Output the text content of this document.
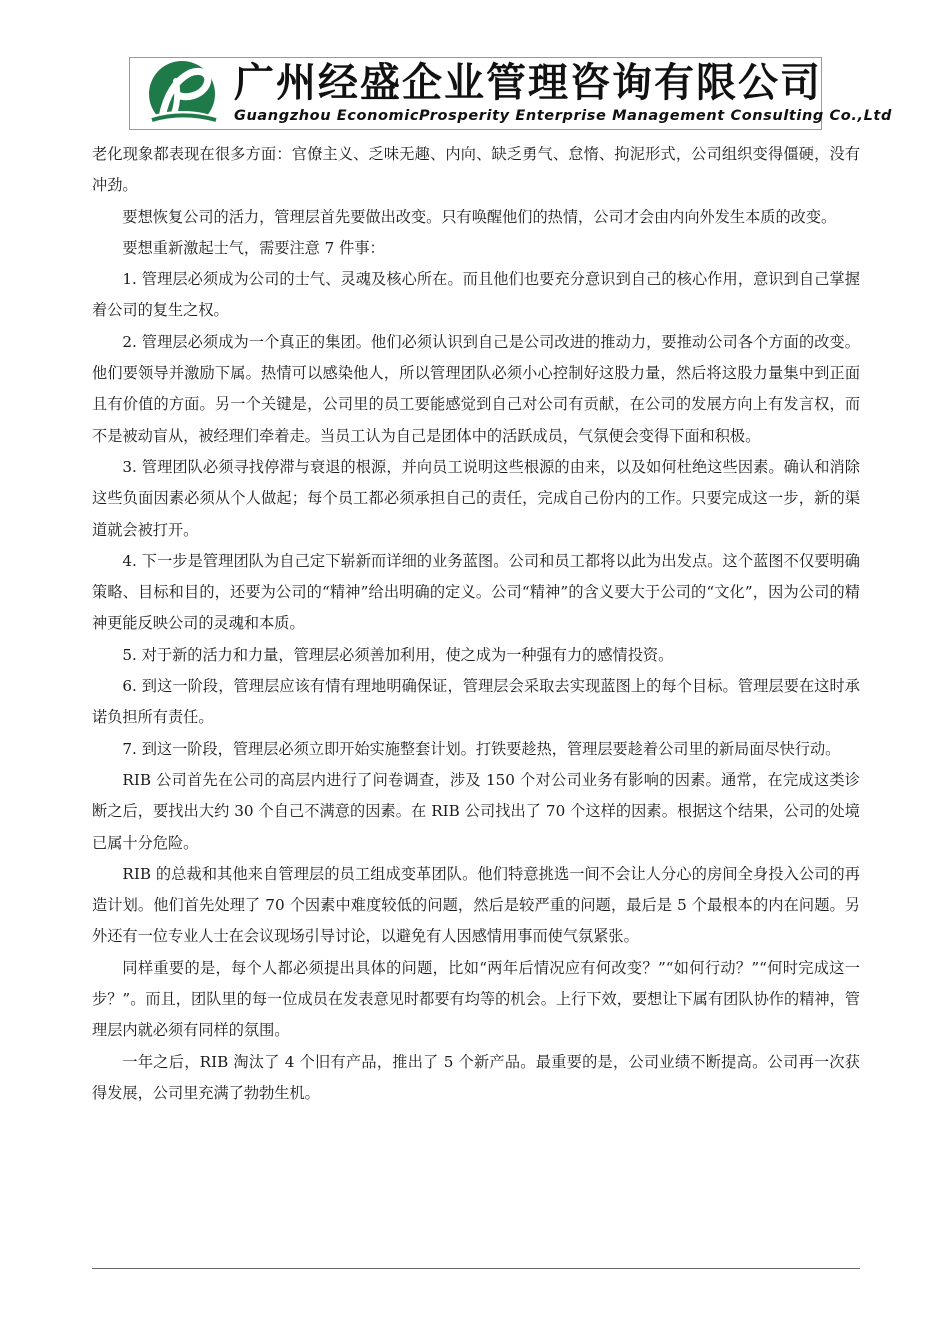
广州经盛企业管理咨询有限公司
Guangzhou EconomicProsperity Enterprise Management Consulting Co.,Ltd

老化现象都表现在很多方面：官僚主义、乏味无趣、内向、缺乏勇气、怠惰、拘泥形式，公司组织变得僵硬，没有冲劲。

要想恢复公司的活力，管理层首先要做出改变。只有唤醒他们的热情，公司才会由内向外发生本质的改变。

要想重新激起士气，需要注意 7 件事：

1. 管理层必须成为公司的士气、灵魂及核心所在。而且他们也要充分意识到自己的核心作用，意识到自己掌握着公司的复生之权。

2. 管理层必须成为一个真正的集团。他们必须认识到自己是公司改进的推动力，要推动公司各个方面的改变。他们要领导并激励下属。热情可以感染他人，所以管理团队必须小心控制好这股力量，然后将这股力量集中到正面且有价值的方面。另一个关键是，公司里的员工要能感觉到自己对公司有贡献，在公司的发展方向上有发言权，而不是被动盲从，被经理们牵着走。当员工认为自己是团体中的活跃成员，气氛便会变得下面和积极。

3. 管理团队必须寻找停滞与衰退的根源，并向员工说明这些根源的由来，以及如何杜绝这些因素。确认和消除这些负面因素必须从个人做起；每个员工都必须承担自己的责任，完成自己份内的工作。只要完成这一步，新的渠道就会被打开。

4. 下一步是管理团队为自己定下崭新而详细的业务蓝图。公司和员工都将以此为出发点。这个蓝图不仅要明确策略、目标和目的，还要为公司的“精神”给出明确的定义。公司“精神”的含义要大于公司的“文化”，因为公司的精神更能反映公司的灵魂和本质。

5. 对于新的活力和力量，管理层必须善加利用，使之成为一种强有力的感情投资。

6. 到这一阶段，管理层应该有情有理地明确保证，管理层会采取去实现蓝图上的每个目标。管理层要在这时承诺负担所有责任。

7. 到这一阶段，管理层必须立即开始实施整套计划。打铁要趁热，管理层要趁着公司里的新局面尽快行动。

RIB 公司首先在公司的高层内进行了问卷调查，涉及 150 个对公司业务有影响的因素。通常，在完成这类诊断之后，要找出大约 30 个自己不满意的因素。在 RIB 公司找出了 70 个这样的因素。根据这个结果，公司的处境已属十分危险。

RIB 的总裁和其他来自管理层的员工组成变革团队。他们特意挑选一间不会让人分心的房间全身投入公司的再造计划。他们首先处理了 70 个因素中难度较低的问题，然后是较严重的问题，最后是 5 个最根本的内在问题。另外还有一位专业人士在会议现场引导讨论，以避免有人因感情用事而使气氛紧张。

同样重要的是，每个人都必须提出具体的问题，比如“两年后情况应有何改变？”“如何行动？”“何时完成这一步？”。而且，团队里的每一位成员在发表意见时都要有均等的机会。上行下效，要想让下属有团队协作的精神，管理层内就必须有同样的氛围。

一年之后，RIB 淘汰了 4 个旧有产品，推出了 5 个新产品。最重要的是，公司业绩不断提高。公司再一次获得发展，公司里充满了勃勃生机。
